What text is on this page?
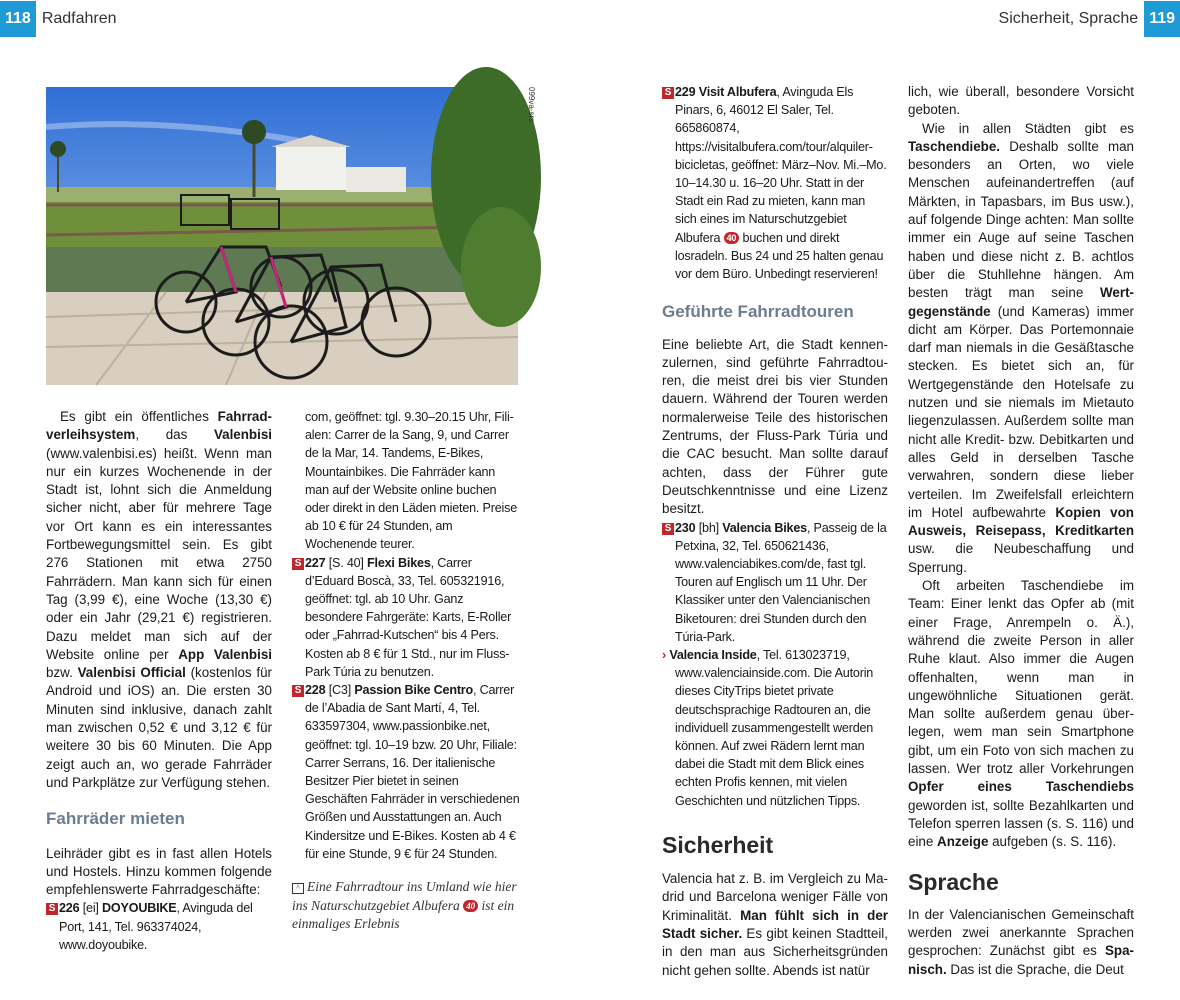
118 Radfahren	Sicherheit, Sprache 119
099va-srs

Es gibt ein öffentliches Fahrradverleihsystem, das Valenbisi (www.valenbisi.es) heißt. Wenn man nur ein kurzes Wochenende in der Stadt ist, lohnt sich die Anmeldung sicher nicht, aber für mehrere Tage vor Ort kann es ein interessantes Fortbewegungsmittel sein. Es gibt 276 Stationen mit etwa 2750 Fahrrädern. Man kann sich für einen Tag (3,99 €), eine Woche (13,30 €) oder ein Jahr (29,21 €) registrieren. Dazu meldet man sich auf der Website online per App Valenbisi bzw. Valenbisi Official (kostenlos für Android und iOS) an. Die ersten 30 Minuten sind inklusive, danach zahlt man zwischen 0,52 € und 3,12 € für weitere 30 bis 60 Minuten. Die App zeigt auch an, wo gerade Fahrräder und Parkplätze zur Verfügung stehen.

Fahrräder mieten

Leihräder gibt es in fast allen Hotels und Hostels. Hinzu kommen folgende empfehlenswerte Fahrradgeschäfte:

S 226 [ei] DOYOUBIKE, Avinguda del Port, 141, Tel. 963374024, www.doyoubike.

com, geöffnet: tgl. 9.30–20.15 Uhr, Filialen: Carrer de la Sang, 9, und Carrer de la Mar, 14. Tandems, E-Bikes, Mountainbikes. Die Fahrräder kann man auf der Website online buchen oder direkt in den Läden mieten. Preise ab 10 € für 24 Stunden, am Wochenende teurer.

S 227 [S. 40] Flexi Bikes, Carrer d’Eduard Boscà, 33, Tel. 605321916, geöffnet: tgl. ab 10 Uhr. Ganz besondere Fahrgeräte: Karts, E-Roller oder „Fahrrad-Kutschen“ bis 4 Pers. Kosten ab 8 € für 1 Std., nur im Fluss-Park Túria zu benutzen.

S 228 [C3] Passion Bike Centro, Carrer de l’Abadia de Sant Martí, 4, Tel. 633597304, www.passionbike.net, geöffnet: tgl. 10–19 bzw. 20 Uhr, Filiale: Carrer Serrans, 16. Der italienische Besitzer Pier bietet in seinen Geschäften Fahrräder in verschiedenen Größen und Ausstattungen an. Auch Kindersitze und E-Bikes. Kosten ab 4 € für eine Stunde, 9 € für 24 Stunden.

^ Eine Fahrradtour ins Umland wie hier ins Naturschutzgebiet Albufera 40 ist ein einmaliges Erlebnis

S 229 Visit Albufera, Avinguda Els Pinars, 6, 46012 El Saler, Tel. 665860874, https://visitalbufera.com/tour/alquiler-bicicletas, geöffnet: März–Nov. Mi.–Mo. 10–14.30 u. 16–20 Uhr. Statt in der Stadt ein Rad zu mieten, kann man sich eines im Naturschutzgebiet Albufera 40 buchen und direkt losradeln. Bus 24 und 25 halten genau vor dem Büro. Unbedingt reservieren!

Geführte Fahrradtouren

Eine beliebte Art, die Stadt kennenzulernen, sind geführte Fahrradtouren, die meist drei bis vier Stunden dauern. Während der Touren werden normalerweise Teile des historischen Zentrums, der Fluss-Park Túria und die CAC besucht. Man sollte darauf achten, dass der Führer gute Deutschkenntnisse und eine Lizenz besitzt.

S 230 [bh] Valencia Bikes, Passeig de la Petxina, 32, Tel. 650621436, www.valenciabikes.com/de, fast tgl. Touren auf Englisch um 11 Uhr. Der Klassiker unter den Valencianischen Biketouren: drei Stunden durch den Túria-Park.

› Valencia Inside, Tel. 613023719, www.valenciainside.com. Die Autorin dieses CityTrips bietet private deutschsprachige Radtouren an, die individuell zusammengestellt werden können. Auf zwei Rädern lernt man dabei die Stadt mit dem Blick eines echten Profis kennen, mit vielen Geschichten und nützlichen Tipps.

Sicherheit

Valencia hat z. B. im Vergleich zu Madrid und Barcelona weniger Fälle von Kriminalität. Man fühlt sich in der Stadt sicher. Es gibt keinen Stadtteil, in den man aus Sicherheitsgründen nicht gehen sollte. Abends ist natür

lich, wie überall, besondere Vorsicht geboten.

Wie in allen Städten gibt es Taschendiebe. Deshalb sollte man besonders an Orten, wo viele Menschen aufeinandertreffen (auf Märkten, in Tapasbars, im Bus usw.), auf folgende Dinge achten: Man sollte immer ein Auge auf seine Taschen haben und diese nicht z. B. achtlos über die Stuhllehne hängen. Am besten trägt man seine Wertgegenstände (und Kameras) immer dicht am Körper. Das Portemonnaie darf man niemals in die Gesäßtasche stecken. Es bietet sich an, für Wertgegenstände den Hotelsafe zu nutzen und sie niemals im Mietauto liegenzulassen. Außerdem sollte man nicht alle Kredit- bzw. Debitkarten und alles Geld in derselben Tasche verwahren, sondern diese lieber verteilen. Im Zweifelsfall erleichtern im Hotel aufbewahrte Kopien von Ausweis, Reisepass, Kreditkarten usw. die Neubeschaffung und Sperrung.

Oft arbeiten Taschendiebe im Team: Einer lenkt das Opfer ab (mit einer Frage, Anrempeln o. Ä.), während die zweite Person in aller Ruhe klaut. Also immer die Augen offenhalten, wenn man in ungewöhnliche Situationen gerät. Man sollte außerdem genau überlegen, wem man sein Smartphone gibt, um ein Foto von sich machen zu lassen. Wer trotz aller Vorkehrungen Opfer eines Taschendiebs geworden ist, sollte Bezahlkarten und Telefon sperren lassen (s. S. 116) und eine Anzeige aufgeben (s. S. 116).

Sprache

In der Valencianischen Gemeinschaft werden zwei anerkannte Sprachen gesprochen: Zunächst gibt es Spanisch. Das ist die Sprache, die Deut
